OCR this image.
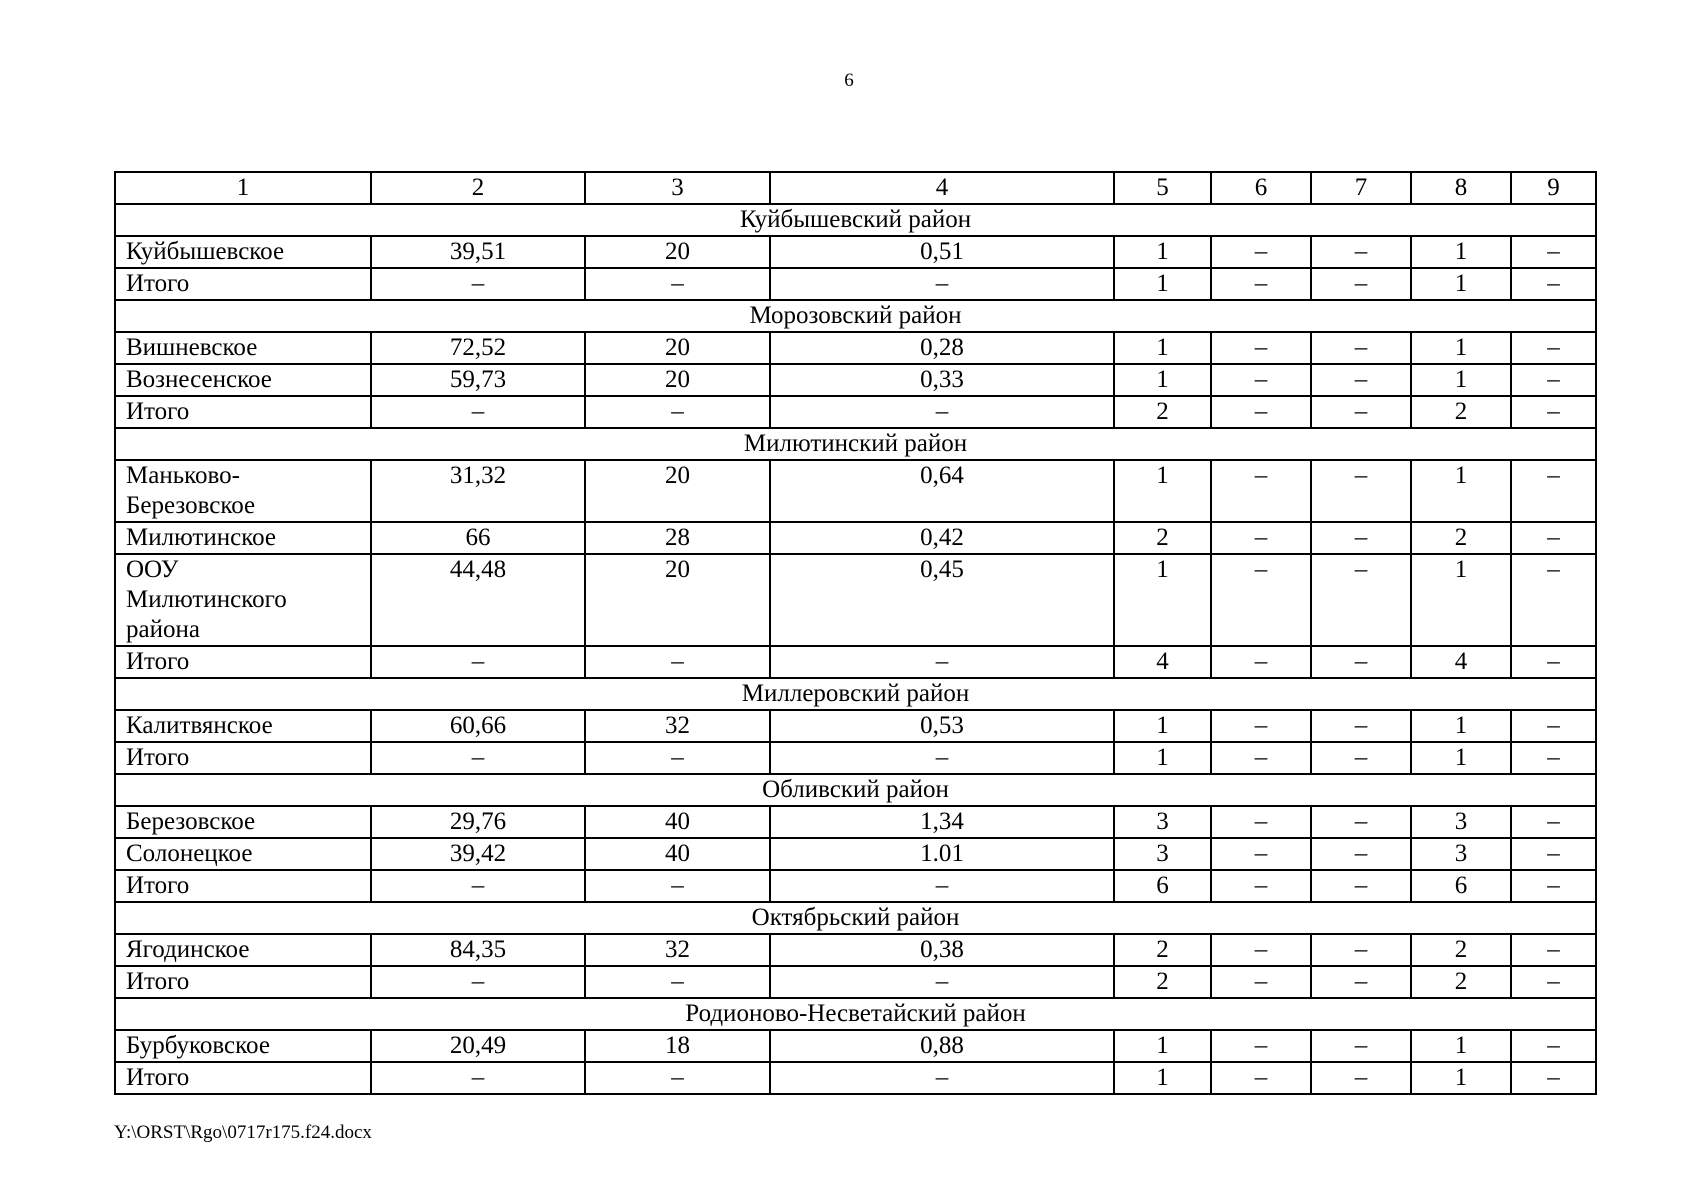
6
1	2	3	4	5	6	7	8	9
Куйбышевский район								
Куйбышевское	39,51	20	0,51	1	–	–	1	–
Итого	–	–	–	1	–	–	1	–
Морозовский район								
Вишневское	72,52	20	0,28	1	–	–	1	–
Вознесенское	59,73	20	0,33	1	–	–	1	–
Итого	–	–	–	2	–	–	2	–
Милютинский район								
Маньково-
Березовское	31,32	20	0,64	1	–	–	1	–
Милютинское	66	28	0,42	2	–	–	2	–
ООУ
Милютинского
района	44,48	20	0,45	1	–	–	1	–
Итого	–	–	–	4	–	–	4	–
Миллеровский район								
Калитвянское	60,66	32	0,53	1	–	–	1	–
Итого	–	–	–	1	–	–	1	–
Обливский район								
Березовское	29,76	40	1,34	3	–	–	3	–
Солонецкое	39,42	40	1.01	3	–	–	3	–
Итого	–	–	–	6	–	–	6	–
Октябрьский район								
Ягодинское	84,35	32	0,38	2	–	–	2	–
Итого	–	–	–	2	–	–	2	–
Родионово-Несветайский район								
Бурбуковское	20,49	18	0,88	1	–	–	1	–
Итого	–	–	–	1	–	–	1	–
Y:\ORST\Rgo\0717r175.f24.docx
